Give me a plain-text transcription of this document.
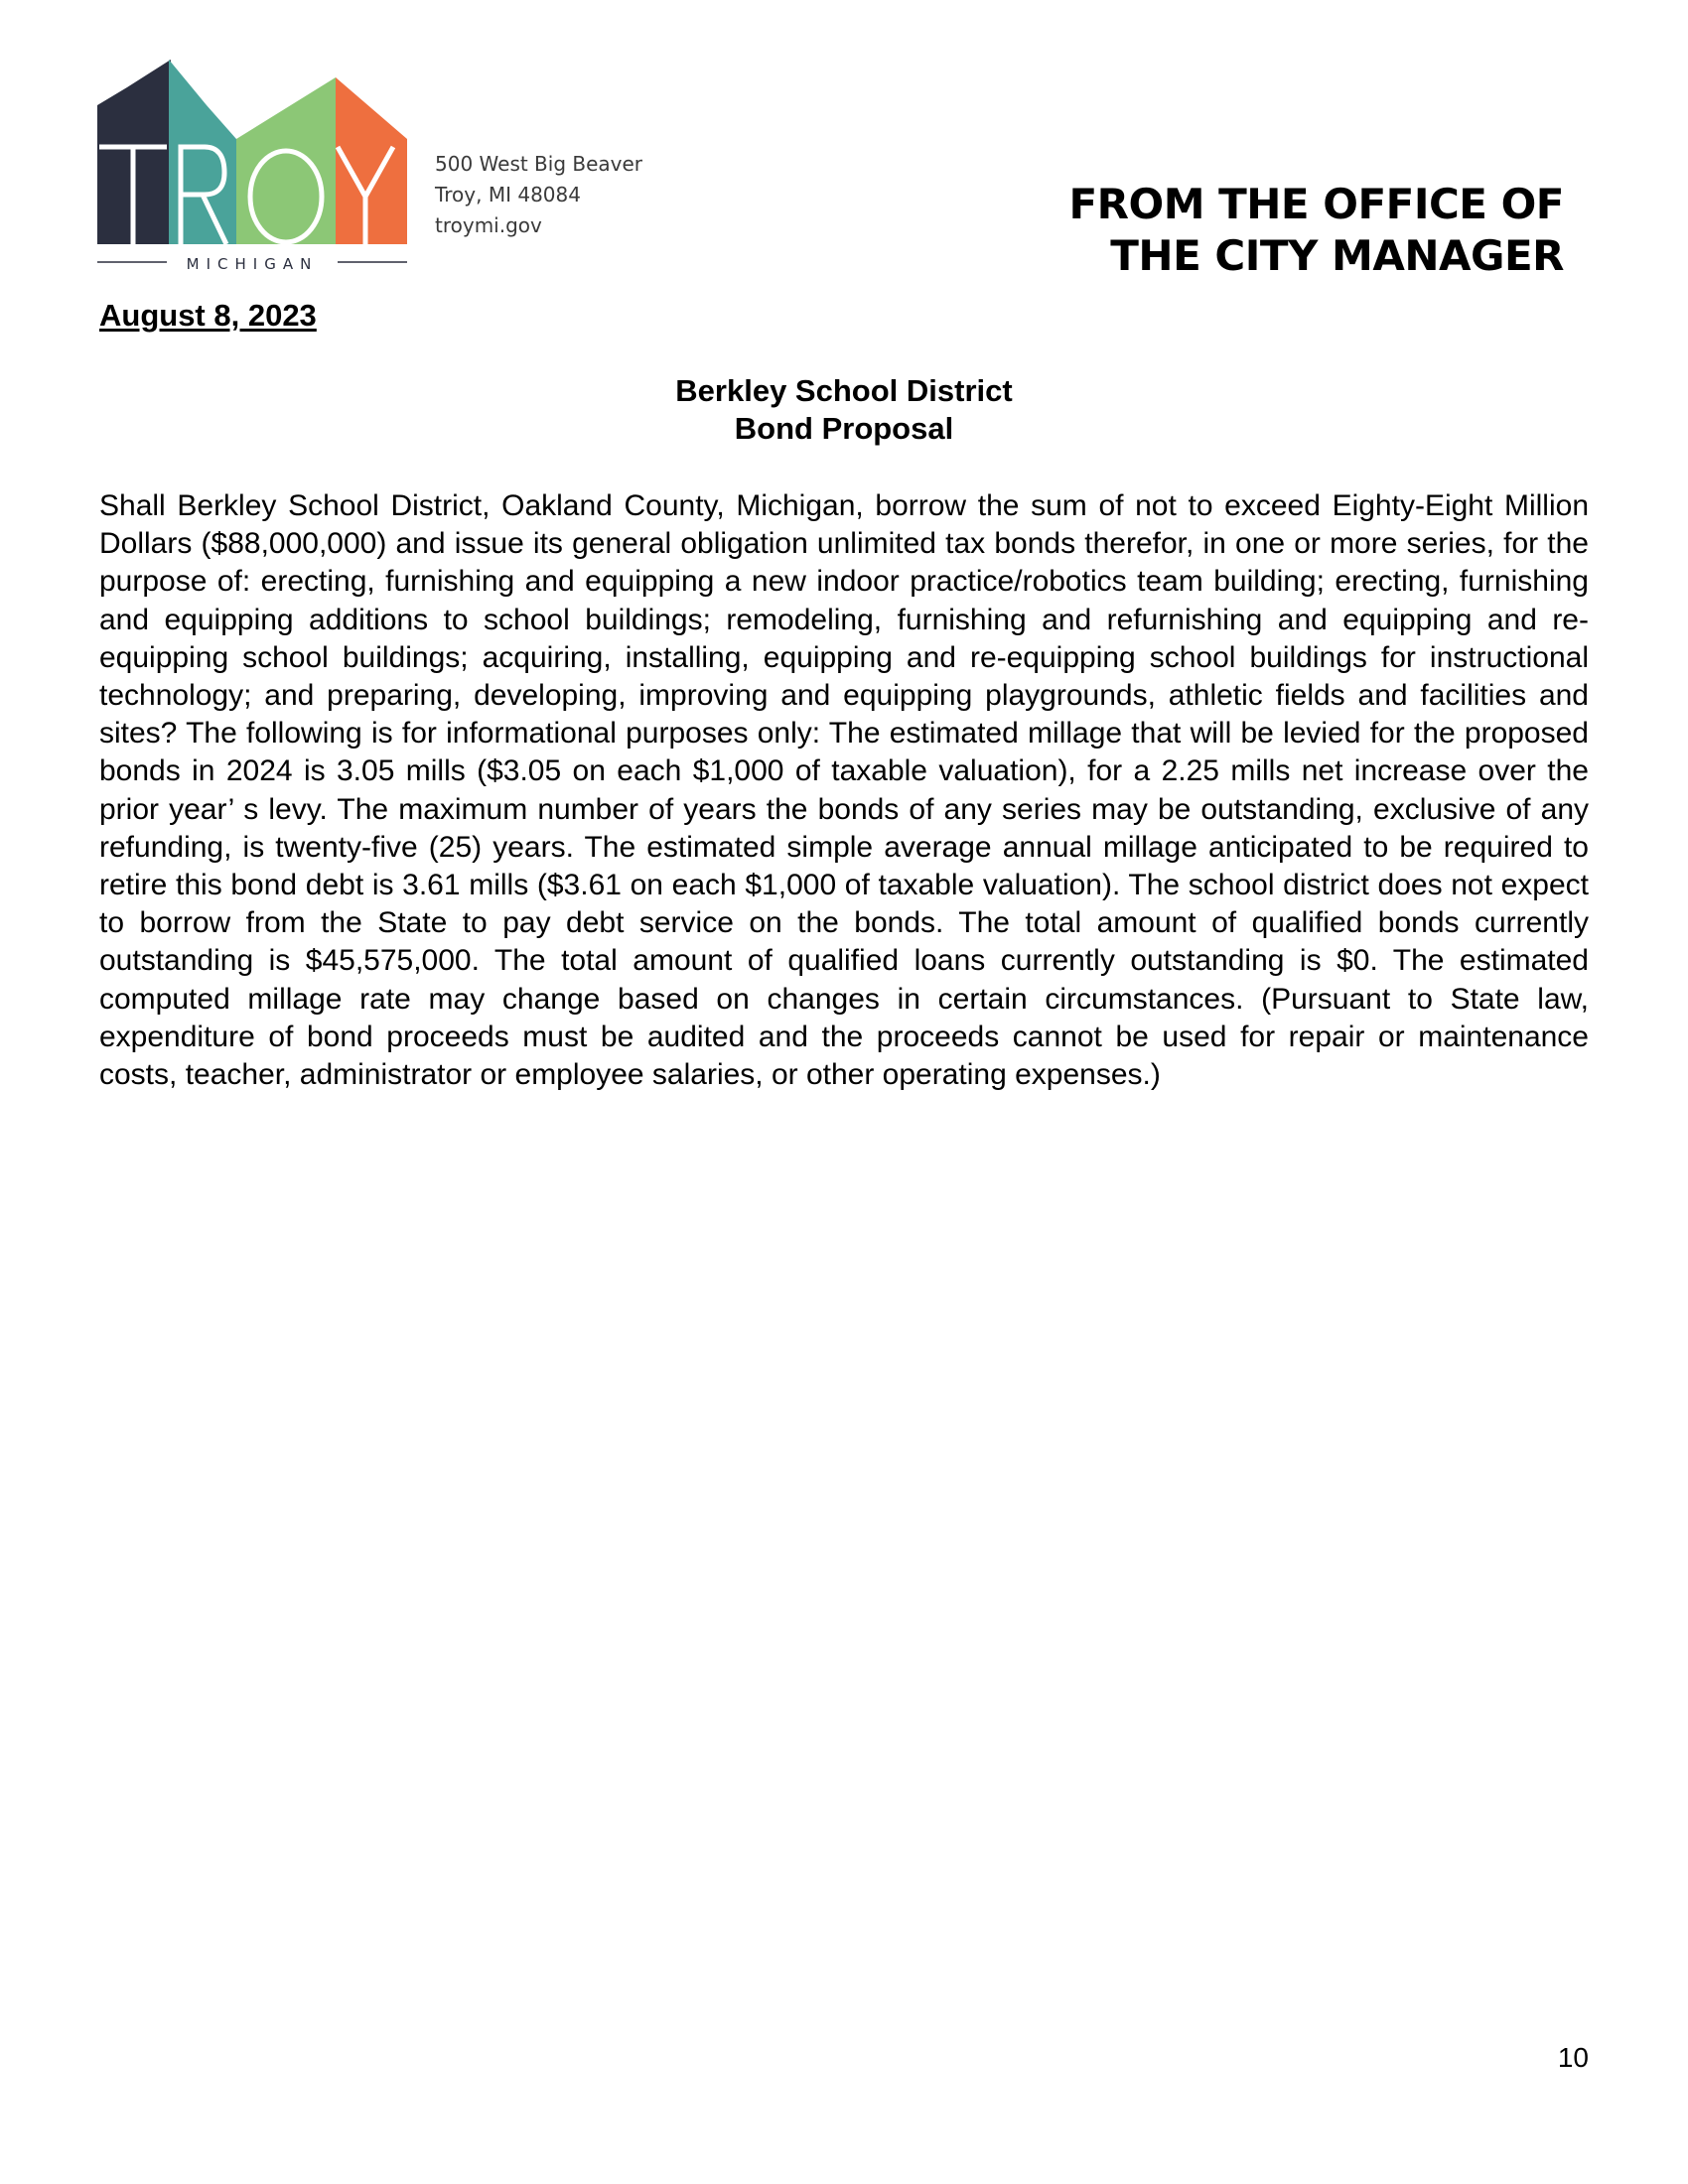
MICHIGAN
500 West Big Beaver
Troy, MI 48084
troymi.gov	FROM THE OFFICE OF
THE CITY MANAGER
August 8, 2023
Berkley School District
Bond Proposal
Shall Berkley School District, Oakland County, Michigan, borrow the sum of not to exceed Eighty-Eight Million Dollars ($88,000,000) and issue its general obligation unlimited tax bonds therefor, in one or more series, for the purpose of: erecting, furnishing and equipping a new indoor practice/robotics team building; erecting, furnishing and equipping additions to school buildings; remodeling, furnishing and refurnishing and equipping and re-equipping school buildings; acquiring, installing, equipping and re-equipping school buildings for instructional technology; and preparing, developing, improving and equipping playgrounds, athletic fields and facilities and sites? The following is for informational purposes only: The estimated millage that will be levied for the proposed bonds in 2024 is 3.05 mills ($3.05 on each $1,000 of taxable valuation), for a 2.25 mills net increase over the prior year’ s levy. The maximum number of years the bonds of any series may be outstanding, exclusive of any refunding, is twenty-five (25) years. The estimated simple average annual millage anticipated to be required to retire this bond debt is 3.61 mills ($3.61 on each $1,000 of taxable valuation). The school district does not expect to borrow from the State to pay debt service on the bonds. The total amount of qualified bonds currently outstanding is $45,575,000. The total amount of qualified loans currently outstanding is $0. The estimated computed millage rate may change based on changes in certain circumstances. (Pursuant to State law, expenditure of bond proceeds must be audited and the proceeds cannot be used for repair or maintenance costs, teacher, administrator or employee salaries, or other operating expenses.)
10
